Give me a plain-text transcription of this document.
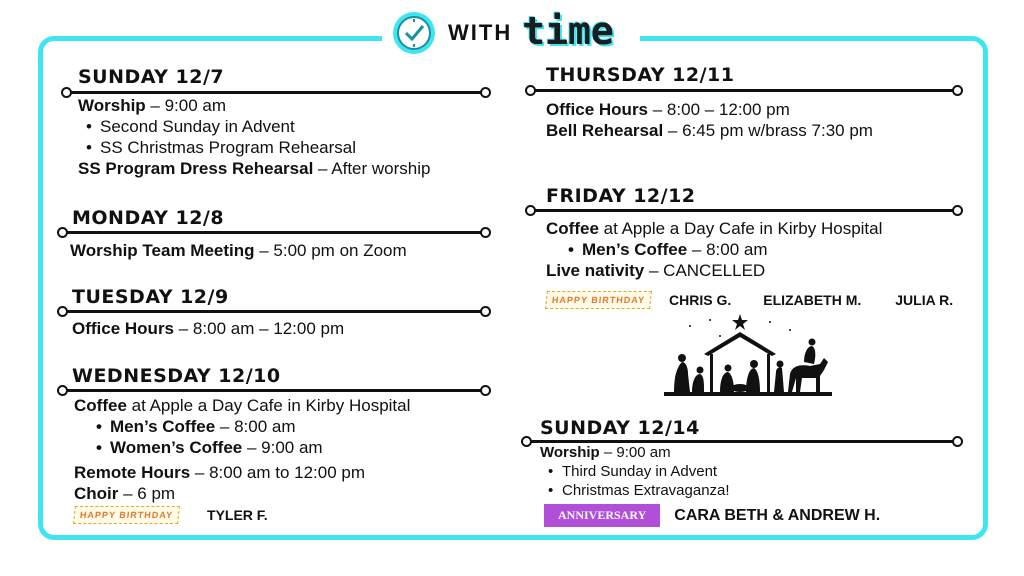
WITH time
SUNDAY 12/7
Worship – 9:00 am
• Second Sunday in Advent
• SS Christmas Program Rehearsal
SS Program Dress Rehearsal – After worship
MONDAY 12/8
Worship Team Meeting – 5:00 pm on Zoom
TUESDAY 12/9
Office Hours – 8:00 am – 12:00 pm
WEDNESDAY 12/10
Coffee at Apple a Day Cafe in Kirby Hospital
• Men’s Coffee – 8:00 am
• Women’s Coffee – 9:00 am
Remote Hours – 8:00 am to 12:00 pm
Choir – 6 pm
HAPPY BIRTHDAY	TYLER F.
THURSDAY 12/11
Office Hours – 8:00 – 12:00 pm
Bell Rehearsal – 6:45 pm w/brass 7:30 pm
FRIDAY 12/12
Coffee at Apple a Day Cafe in Kirby Hospital
• Men’s Coffee – 8:00 am
Live nativity – CANCELLED
HAPPY BIRTHDAY	CHRIS G. ELIZABETH M. JULIA R.
SUNDAY 12/14
Worship – 9:00 am
• Third Sunday in Advent
• Christmas Extravaganza!
ANNIVERSARY	CARA BETH & ANDREW H.
